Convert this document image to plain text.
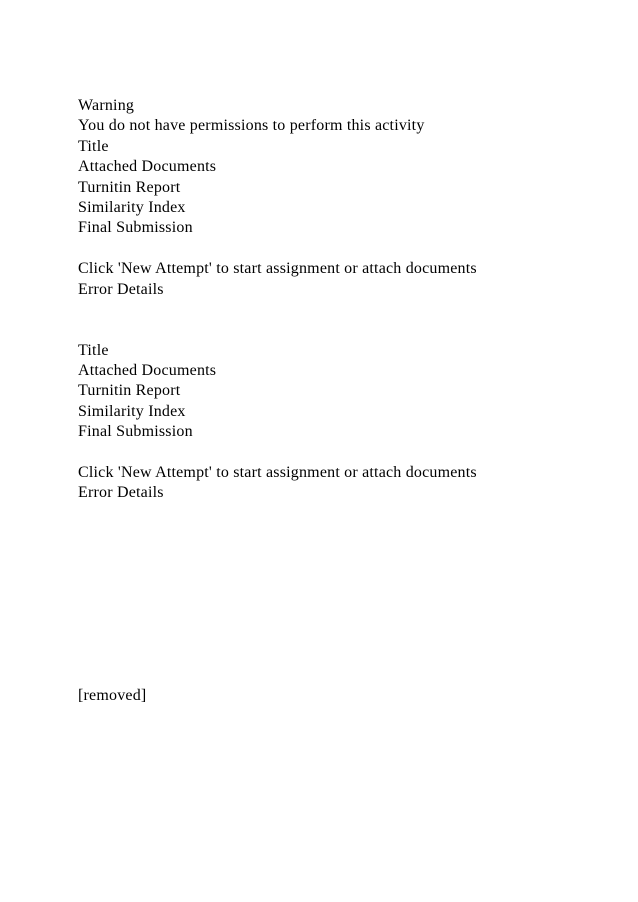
Warning
You do not have permissions to perform this activity
Title
Attached Documents
Turnitin Report
Similarity Index
Final Submission
Click 'New Attempt' to start assignment or attach documents
Error Details
Title
Attached Documents
Turnitin Report
Similarity Index
Final Submission
Click 'New Attempt' to start assignment or attach documents
Error Details
[removed]
